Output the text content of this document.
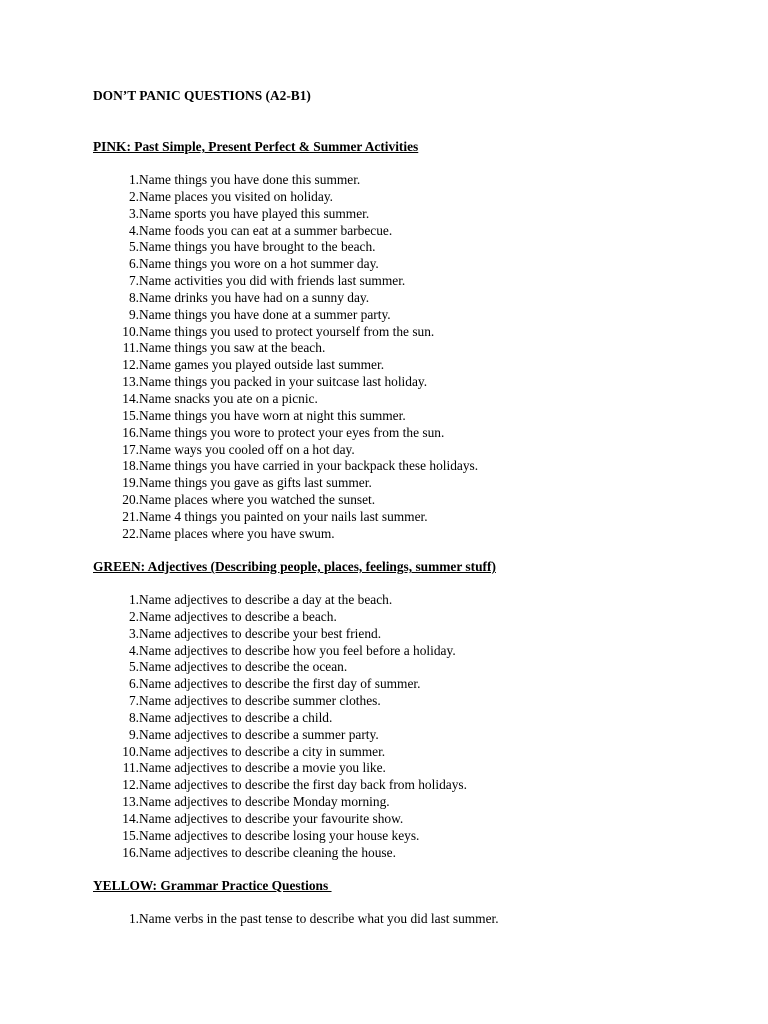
DON’T PANIC QUESTIONS (A2-B1)
PINK: Past Simple, Present Perfect & Summer Activities
1. Name things you have done this summer.
2. Name places you visited on holiday.
3. Name sports you have played this summer.
4. Name foods you can eat at a summer barbecue.
5. Name things you have brought to the beach.
6. Name things you wore on a hot summer day.
7. Name activities you did with friends last summer.
8. Name drinks you have had on a sunny day.
9. Name things you have done at a summer party.
10. Name things you used to protect yourself from the sun.
11. Name things you saw at the beach.
12. Name games you played outside last summer.
13. Name things you packed in your suitcase last holiday.
14. Name snacks you ate on a picnic.
15. Name things you have worn at night this summer.
16. Name things you wore to protect your eyes from the sun.
17. Name ways you cooled off on a hot day.
18. Name things you have carried in your backpack these holidays.
19. Name things you gave as gifts last summer.
20. Name places where you watched the sunset.
21. Name 4 things you painted on your nails last summer.
22. Name places where you have swum.
GREEN: Adjectives (Describing people, places, feelings, summer stuff)
1. Name adjectives to describe a day at the beach.
2. Name adjectives to describe a beach.
3. Name adjectives to describe your best friend.
4. Name adjectives to describe how you feel before a holiday.
5. Name adjectives to describe the ocean.
6. Name adjectives to describe the first day of summer.
7. Name adjectives to describe summer clothes.
8. Name adjectives to describe a child.
9. Name adjectives to describe a summer party.
10. Name adjectives to describe a city in summer.
11. Name adjectives to describe a movie you like.
12. Name adjectives to describe the first day back from holidays.
13. Name adjectives to describe Monday morning.
14. Name adjectives to describe your favourite show.
15. Name adjectives to describe losing your house keys.
16. Name adjectives to describe cleaning the house.
YELLOW: Grammar Practice Questions
1. Name verbs in the past tense to describe what you did last summer.
